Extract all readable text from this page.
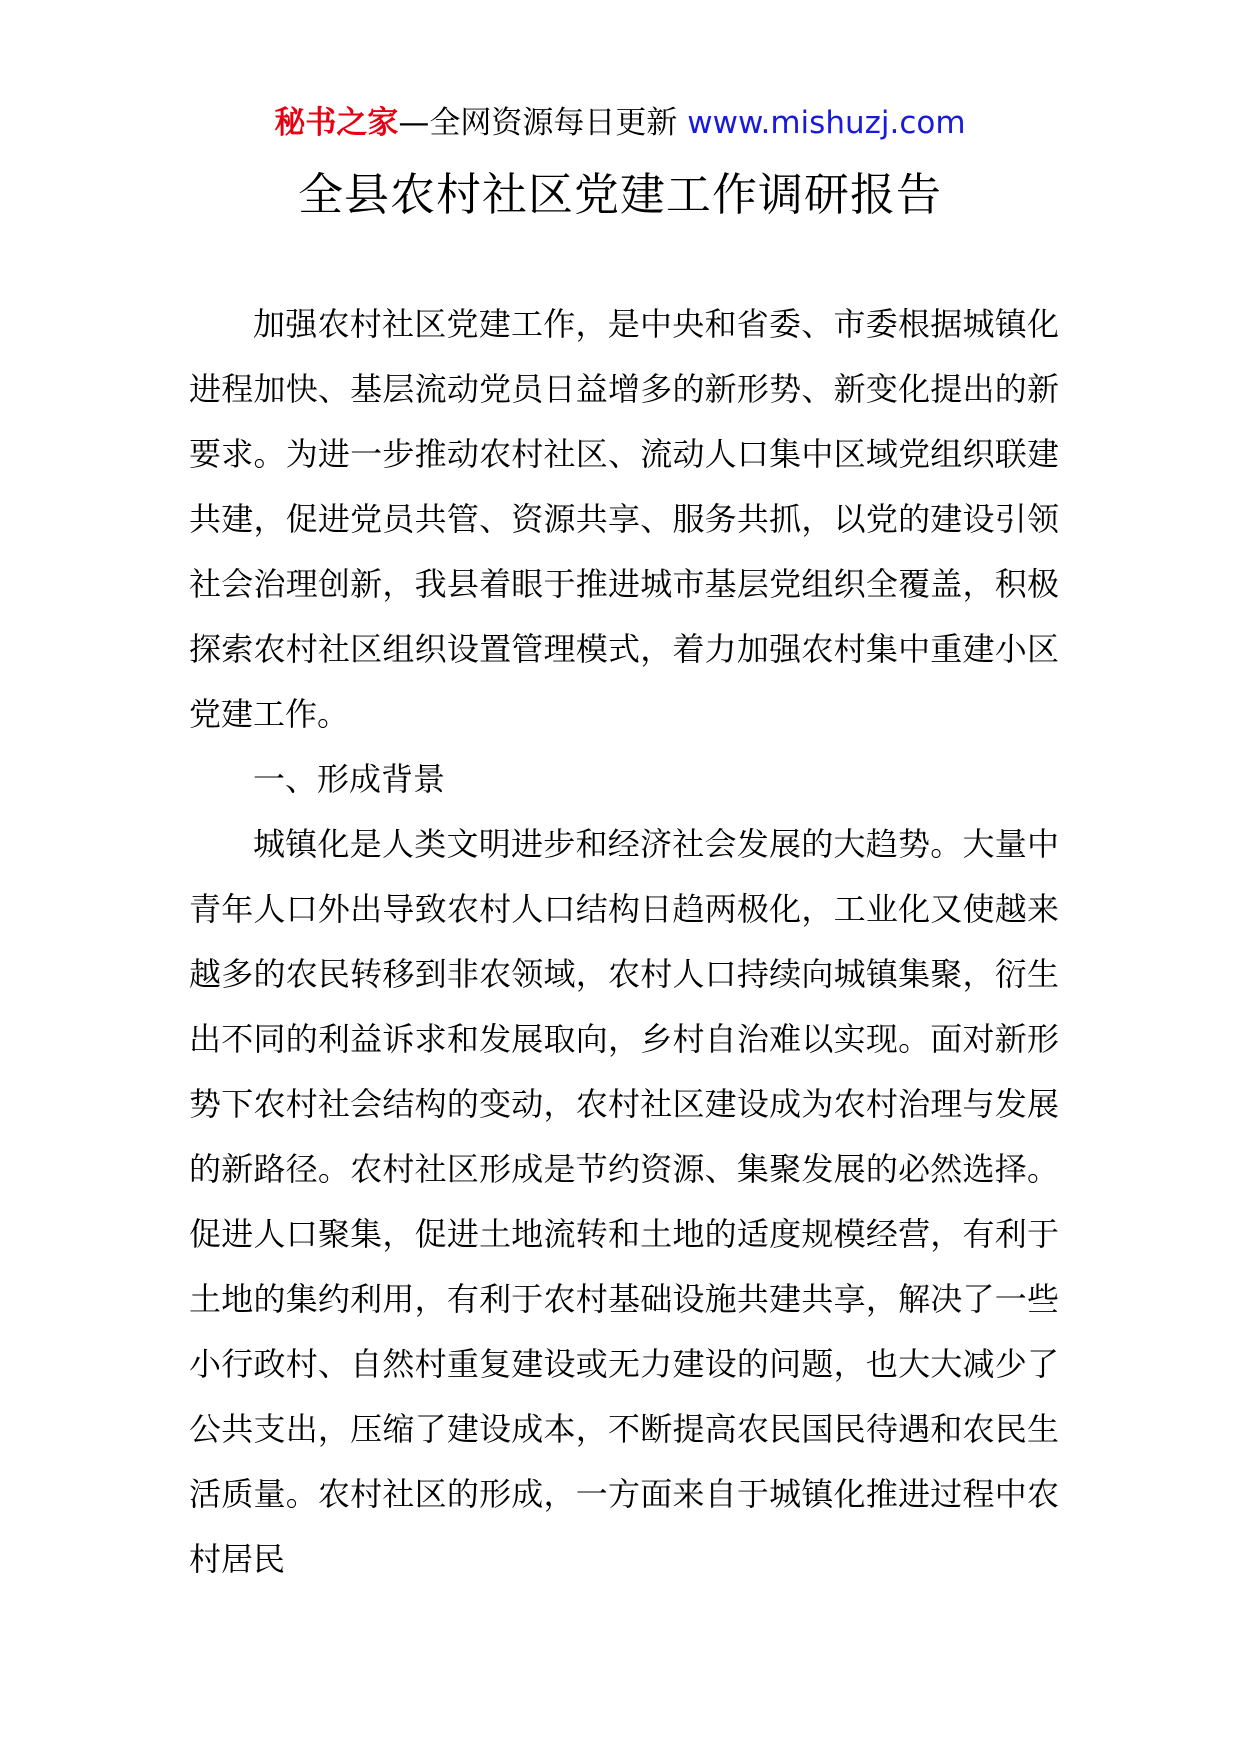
秘书之家—全网资源每日更新 www.mishuzj.com
全县农村社区党建工作调研报告

加强农村社区党建工作，是中央和省委、市委根据城镇化进程加快、基层流动党员日益增多的新形势、新变化提出的新要求。为进一步推动农村社区、流动人口集中区域党组织联建共建，促进党员共管、资源共享、服务共抓，以党的建设引领社会治理创新，我县着眼于推进城市基层党组织全覆盖，积极探索农村社区组织设置管理模式，着力加强农村集中重建小区党建工作。

一、形成背景

城镇化是人类文明进步和经济社会发展的大趋势。大量中青年人口外出导致农村人口结构日趋两极化，工业化又使越来越多的农民转移到非农领域，农村人口持续向城镇集聚，衍生出不同的利益诉求和发展取向，乡村自治难以实现。面对新形势下农村社会结构的变动，农村社区建设成为农村治理与发展的新路径。农村社区形成是节约资源、集聚发展的必然选择。促进人口聚集，促进土地流转和土地的适度规模经营，有利于土地的集约利用，有利于农村基础设施共建共享，解决了一些小行政村、自然村重复建设或无力建设的问题，也大大减少了公共支出，压缩了建设成本，不断提高农民国民待遇和农民生活质量。农村社区的形成，一方面来自于城镇化推进过程中农村居民
